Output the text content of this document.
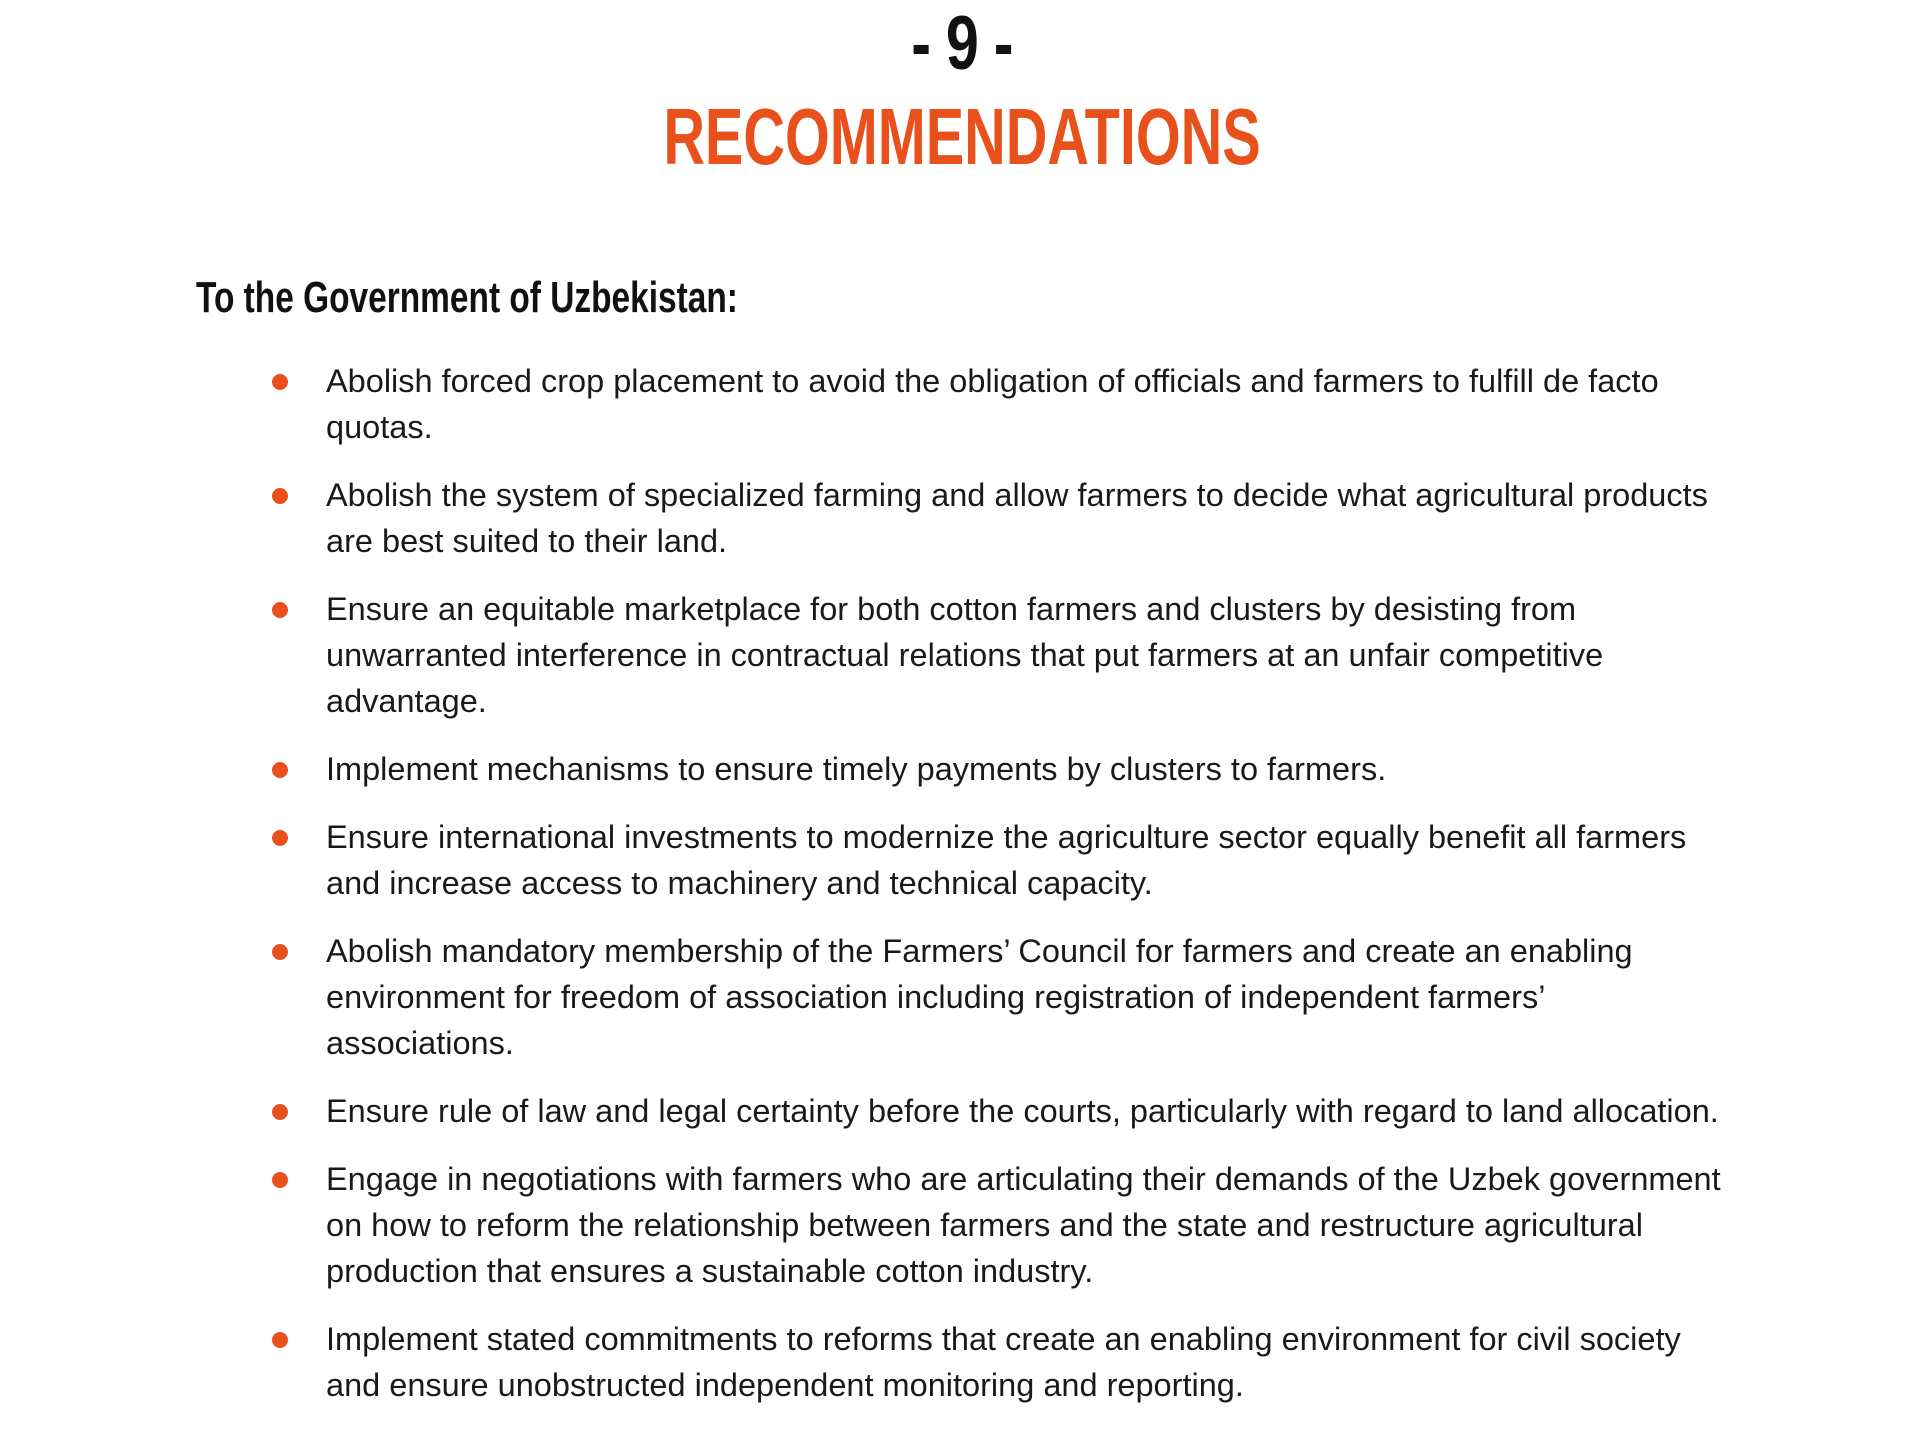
- 9 -
RECOMMENDATIONS
To the Government of Uzbekistan:
Abolish forced crop placement to avoid the obligation of officials and farmers to fulfill de facto quotas.
Abolish the system of specialized farming and allow farmers to decide what agricultural products are best suited to their land.
Ensure an equitable marketplace for both cotton farmers and clusters by desisting from unwarranted interference in contractual relations that put farmers at an unfair competitive advantage.
Implement mechanisms to ensure timely payments by clusters to farmers.
Ensure international investments to modernize the agriculture sector equally benefit all farmers and increase access to machinery and technical capacity.
Abolish mandatory membership of the Farmers’ Council for farmers and create an enabling environment for freedom of association including registration of independent farmers’ associations.
Ensure rule of law and legal certainty before the courts, particularly with regard to land allocation.
Engage in negotiations with farmers who are articulating their demands of the Uzbek government on how to reform the relationship between farmers and the state and restructure agricultural production that ensures a sustainable cotton industry.
Implement stated commitments to reforms that create an enabling environment for civil society and ensure unobstructed independent monitoring and reporting.
